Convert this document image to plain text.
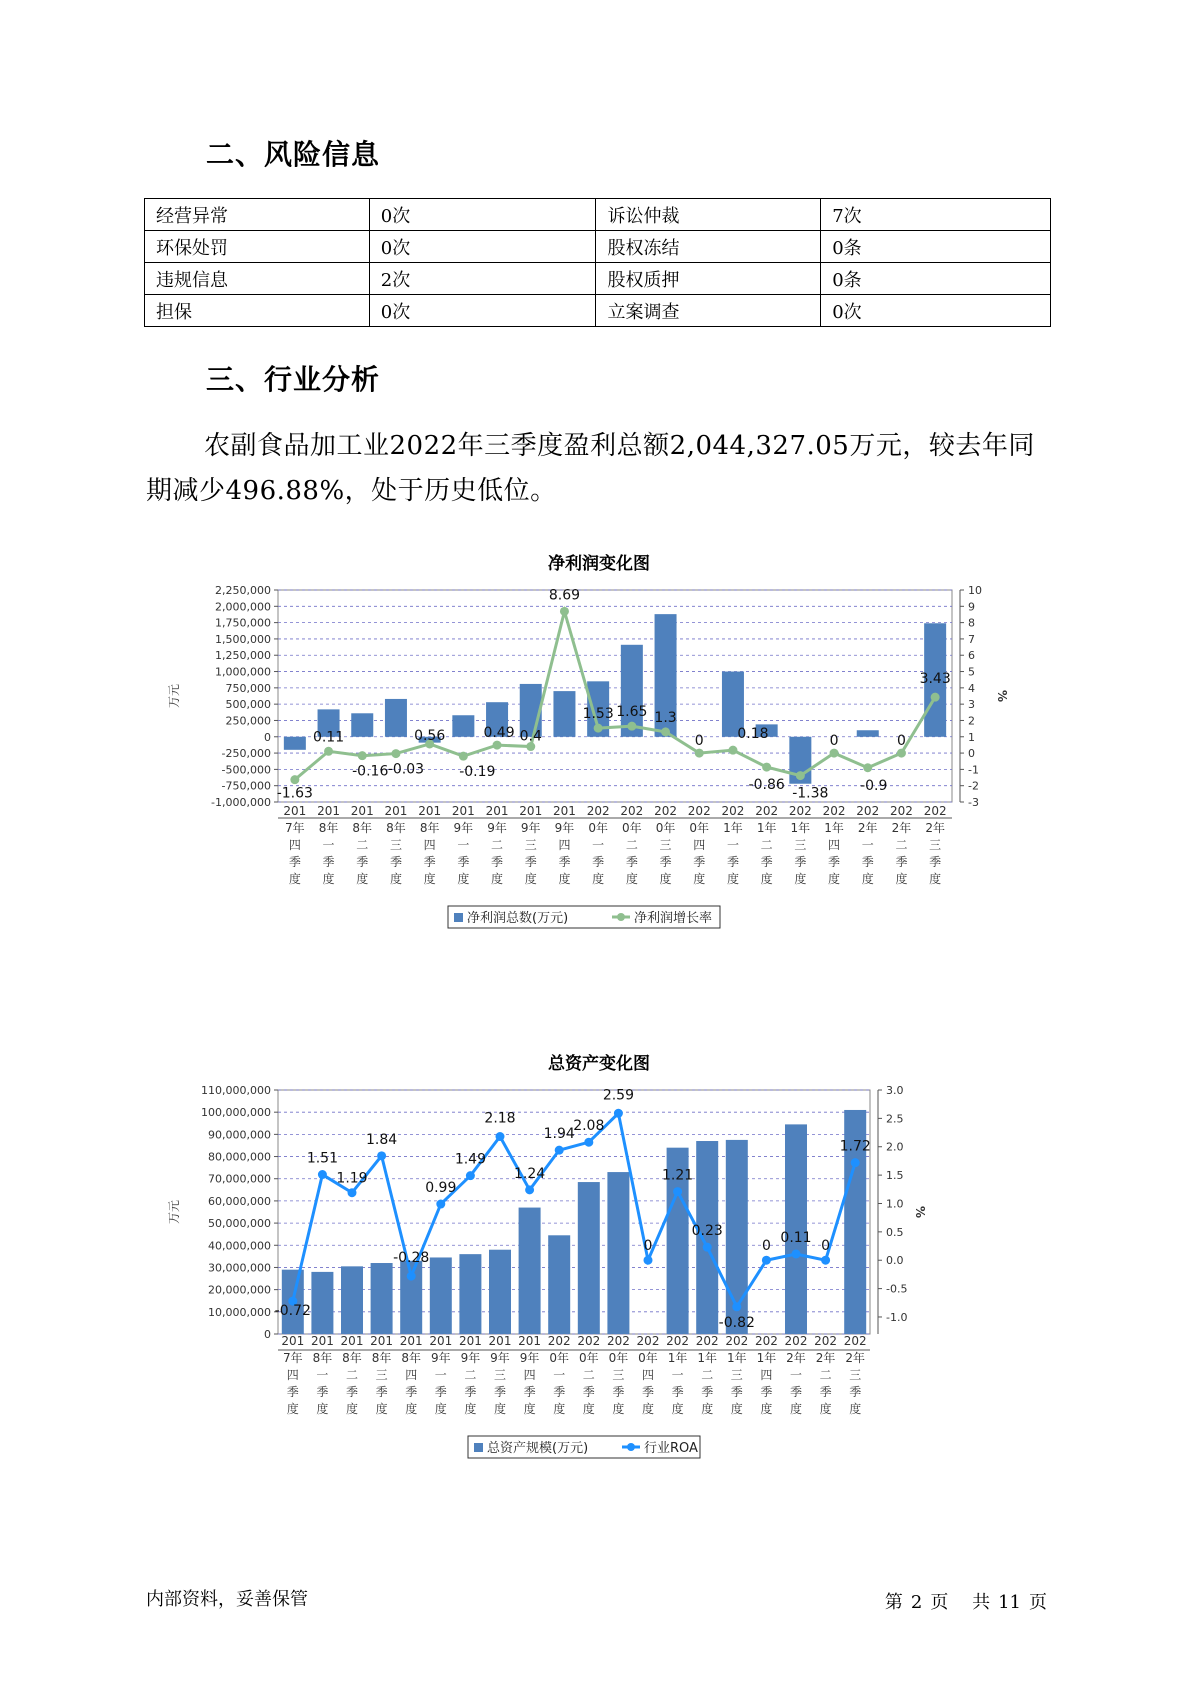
二、风险信息
经营异常	0次	诉讼仲裁	7次
环保处罚	0次	股权冻结	0条
违规信息	2次	股权质押	0条
担保	0次	立案调查	0次
三、行业分析
农副食品加工业2022年三季度盈利总额2,044,327.05万元，较去年同期减少496.88%，处于历史低位。
净利润变化图
-1,000,000
-750,000
-500,000
-250,000
0
250,000
500,000
750,000
1,000,000
1,250,000
1,500,000
1,750,000
2,000,000
2,250,000
-3
-2
-1
0
1
2
3
4
5
6
7
8
9
10
万元	%
-1.63
0.11
-0.16 -0.03
0.56
-0.19
0.49 0.4
8.69
1.53 1.65 1.3
0 0.18
-0.86
-1.38
0
-0.9
0
3.43
201
7年
四
季
度
201
8年
一
季
度
201
8年
二
季
度
201
8年
三
季
度
201
8年
四
季
度
201
9年
一
季
度
201
9年
二
季
度
201
9年
三
季
度
201
9年
四
季
度
202
0年
一
季
度
202
0年
二
季
度
202
0年
三
季
度
202
0年
四
季
度
202
1年
一
季
度
202
1年
二
季
度
202
1年
三
季
度
202
1年
四
季
度
202
2年
一
季
度
202
2年
二
季
度
202
2年
三
季
度
净利润总数(万元)	净利润增长率
总资产变化图
0
10,000,000
20,000,000
30,000,000
40,000,000
50,000,000
60,000,000
70,000,000
80,000,000
90,000,000
100,000,000
110,000,000
-1.0
-0.5
0.0
0.5
1.0
1.5
2.0
2.5
3.0
万元	%
-0.72
1.51
1.19
1.84
-0.28
0.99
1.49
2.18
1.24
1.94
2.08
2.59
0
1.21
0.23
-0.82
0
0.11
0
1.72
201
7年
四
季
度
201
8年
一
季
度
201
8年
二
季
度
201
8年
三
季
度
201
8年
四
季
度
201
9年
一
季
度
201
9年
二
季
度
201
9年
三
季
度
201
9年
四
季
度
202
0年
一
季
度
202
0年
二
季
度
202
0年
三
季
度
202
0年
四
季
度
202
1年
一
季
度
202
1年
二
季
度
202
1年
三
季
度
202
1年
四
季
度
202
2年
一
季
度
202
2年
二
季
度
202
2年
三
季
度
总资产规模(万元)	行业ROA
内部资料，妥善保管	第 2 页 共 11 页
